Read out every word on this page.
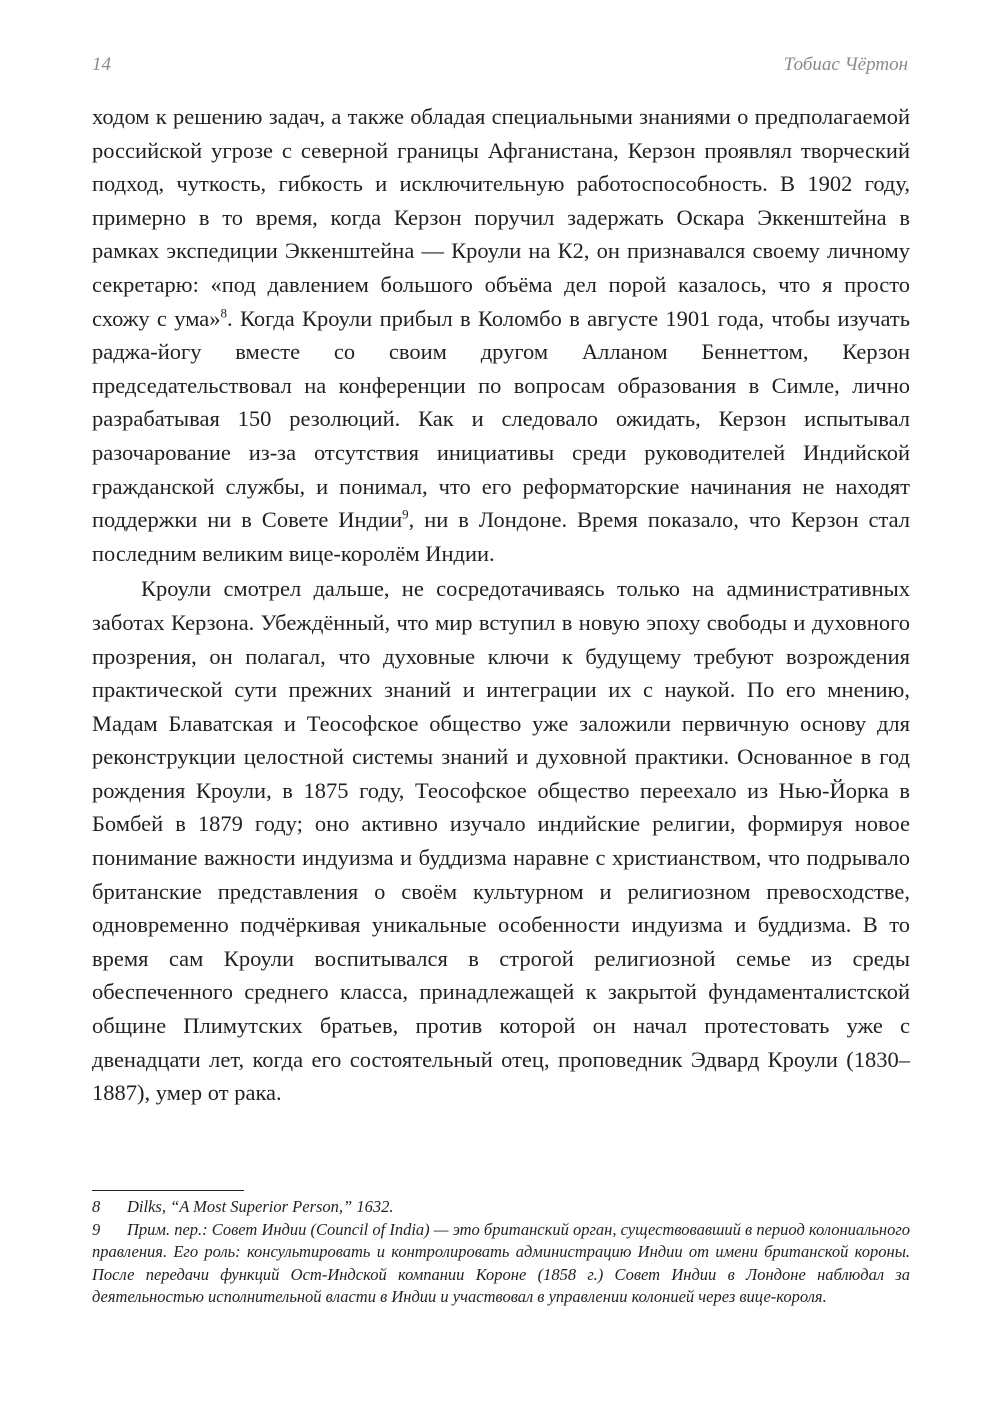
14	Тобиас Чёртон

ходом к решению задач, а также обладая специальными знаниями о предполагаемой российской угрозе с северной границы Афганистана, Керзон проявлял творческий подход, чуткость, гибкость и исключительную работоспособность. В 1902 году, примерно в то время, когда Керзон поручил задержать Оскара Эккенштейна в рамках экспедиции Эккенштейна — Кроули на К2, он признавался своему личному секретарю: «под давлением большого объёма дел порой казалось, что я просто схожу с ума»$^8$. Когда Кроули прибыл в Коломбо в августе 1901 года, чтобы изучать раджа-йогу вместе со своим другом Алланом Беннеттом, Керзон председательствовал на конференции по вопросам образования в Симле, лично разрабатывая 150 резолюций. Как и следовало ожидать, Керзон испытывал разочарование из-за отсутствия инициативы среди руководителей Индийской гражданской службы, и понимал, что его реформаторские начинания не находят поддержки ни в Совете Индии$^9$, ни в Лондоне. Время показало, что Керзон стал последним великим вице-королём Индии.

Кроули смотрел дальше, не сосредотачиваясь только на административных заботах Керзона. Убеждённый, что мир вступил в новую эпоху свободы и духовного прозрения, он полагал, что духовные ключи к будущему требуют возрождения практической сути прежних знаний и интеграции их с наукой. По его мнению, Мадам Блаватская и Теософское общество уже заложили первичную основу для реконструкции целостной системы знаний и духовной практики. Основанное в год рождения Кроули, в 1875 году, Теософское общество переехало из Нью-Йорка в Бомбей в 1879 году; оно активно изучало индийские религии, формируя новое понимание важности индуизма и буддизма наравне с христианством, что подрывало британские представления о своём культурном и религиозном превосходстве, одновременно подчёркивая уникальные особенности индуизма и буддизма. В то время сам Кроули воспитывался в строгой религиозной семье из среды обеспеченного среднего класса, принадлежащей к закрытой фундаменталистской общине Плимутских братьев, против которой он начал протестовать уже с двенадцати лет, когда его состоятельный отец, проповедник Эдвард Кроули (1830–1887), умер от рака.

8 Dilks, “A Most Superior Person,” 1632.

9 Прим. пер.: Совет Индии (Council of India) — это британский орган, существовавший в период колониального правления. Его роль: консультировать и контролировать администрацию Индии от имени британской короны. После передачи функций Ост-Индской компании Короне (1858 г.) Совет Индии в Лондоне наблюдал за деятельностью исполнительной власти в Индии и участвовал в управлении колонией через вице-короля.
